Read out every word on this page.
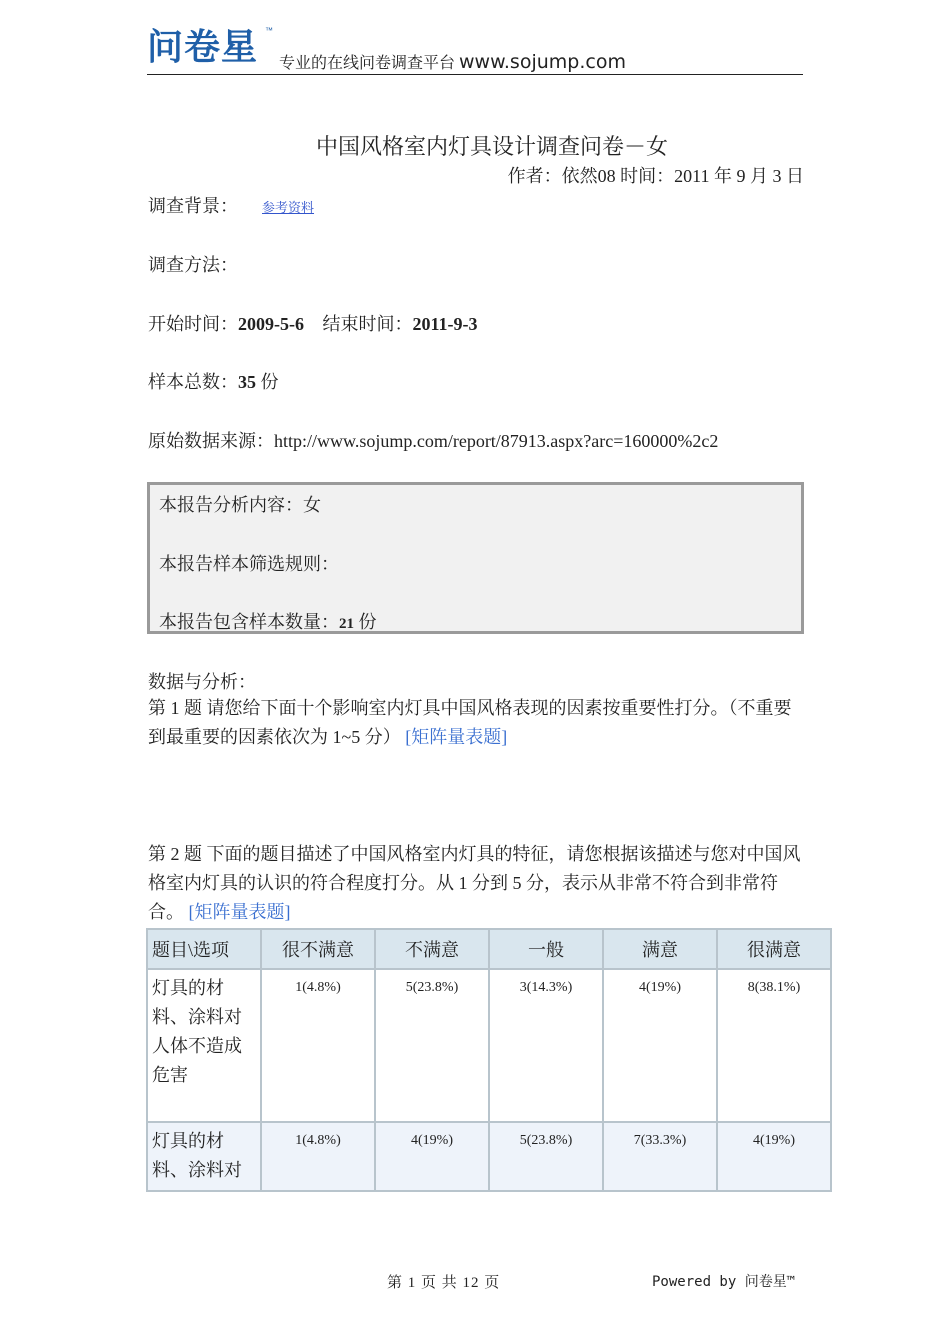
问卷星 ™
专业的在线问卷调查平台 www.sojump.com
中国风格室内灯具设计调查问卷－女
作者：依然08 时间：2011 年 9 月 3 日
调查背景： 参考资料
调查方法：
开始时间：2009-5-6 结束时间：2011-9-3
样本总数：35 份
原始数据来源：http://www.sojump.com/report/87913.aspx?arc=160000%2c2
本报告分析内容：女
本报告样本筛选规则：
本报告包含样本数量：21 份
数据与分析：
第 1 题 请您给下面十个影响室内灯具中国风格表现的因素按重要性打分。（不重要到最重要的因素依次为 1~5 分） [矩阵量表题]
第 2 题 下面的题目描述了中国风格室内灯具的特征，请您根据该描述与您对中国风格室内灯具的认识的符合程度打分。从 1 分到 5 分，表示从非常不符合到非常符合。 [矩阵量表题]
题目\选项	很不满意	不满意	一般	满意	很满意
灯具的材料、涂料对人体不造成危害	1(4.8%)	5(23.8%)	3(14.3%)	4(19%)	8(38.1%)
灯具的材料、涂料对	1(4.8%)	4(19%)	5(23.8%)	7(33.3%)	4(19%)
第 1 页 共 12 页	Powered by 问卷星™
